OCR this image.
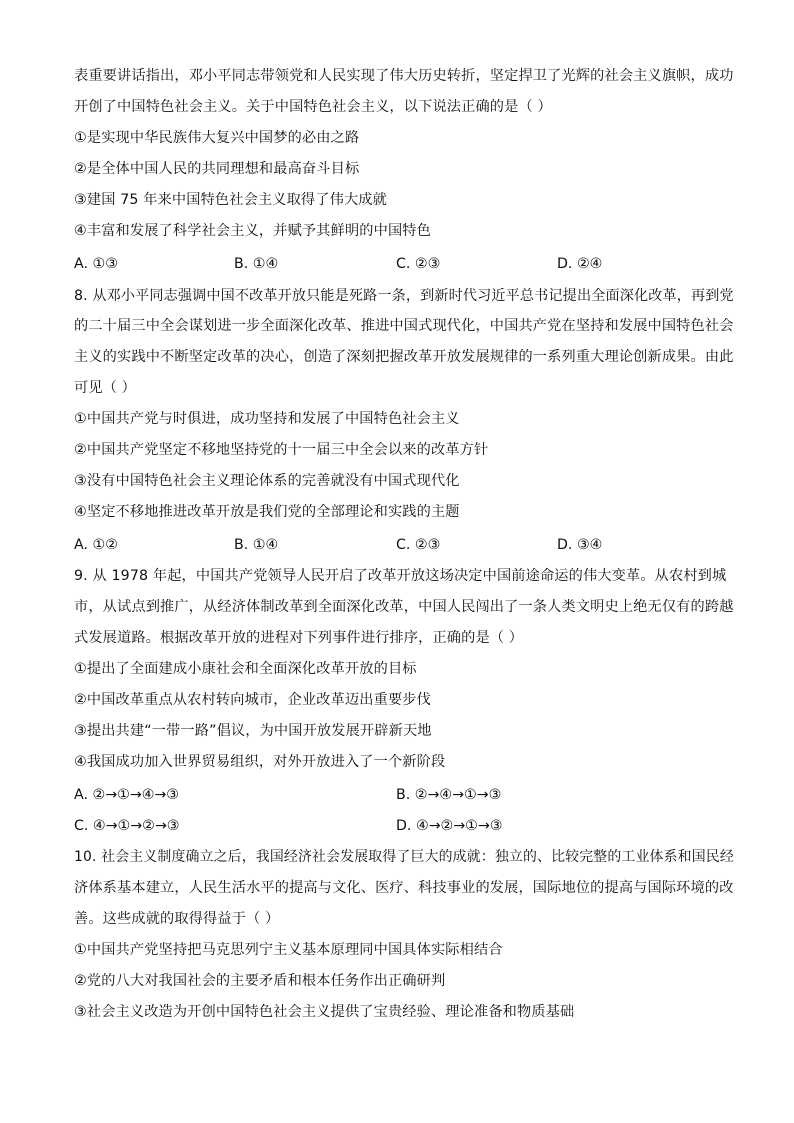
表重要讲话指出，邓小平同志带领党和人民实现了伟大历史转折，坚定捍卫了光辉的社会主义旗帜，成功
开创了中国特色社会主义。关于中国特色社会主义，以下说法正确的是（ ）
①是实现中华民族伟大复兴中国梦的必由之路
②是全体中国人民的共同理想和最高奋斗目标
③建国 75 年来中国特色社会主义取得了伟大成就
④丰富和发展了科学社会主义，并赋予其鲜明的中国特色
A. ①③	B. ①④	C. ②③	D. ②④
8. 从邓小平同志强调中国不改革开放只能是死路一条，到新时代习近平总书记提出全面深化改革，再到党
的二十届三中全会谋划进一步全面深化改革、推进中国式现代化，中国共产党在坚持和发展中国特色社会
主义的实践中不断坚定改革的决心，创造了深刻把握改革开放发展规律的一系列重大理论创新成果。由此
可见（ ）
①中国共产党与时俱进，成功坚持和发展了中国特色社会主义
②中国共产党坚定不移地坚持党的十一届三中全会以来的改革方针
③没有中国特色社会主义理论体系的完善就没有中国式现代化
④坚定不移地推进改革开放是我们党的全部理论和实践的主题
A. ①②	B. ①④	C. ②③	D. ③④
9. 从 1978 年起，中国共产党领导人民开启了改革开放这场决定中国前途命运的伟大变革。从农村到城
市，从试点到推广，从经济体制改革到全面深化改革，中国人民闯出了一条人类文明史上绝无仅有的跨越
式发展道路。根据改革开放的进程对下列事件进行排序，正确的是（ ）
①提出了全面建成小康社会和全面深化改革开放的目标
②中国改革重点从农村转向城市，企业改革迈出重要步伐
③提出共建“一带一路”倡议，为中国开放发展开辟新天地
④我国成功加入世界贸易组织，对外开放进入了一个新阶段
A. ②→①→④→③	B. ②→④→①→③
C. ④→①→②→③	D. ④→②→①→③
10. 社会主义制度确立之后，我国经济社会发展取得了巨大的成就：独立的、比较完整的工业体系和国民经
济体系基本建立，人民生活水平的提高与文化、医疗、科技事业的发展，国际地位的提高与国际环境的改
善。这些成就的取得得益于（ ）
①中国共产党坚持把马克思列宁主义基本原理同中国具体实际相结合
②党的八大对我国社会的主要矛盾和根本任务作出正确研判
③社会主义改造为开创中国特色社会主义提供了宝贵经验、理论准备和物质基础
